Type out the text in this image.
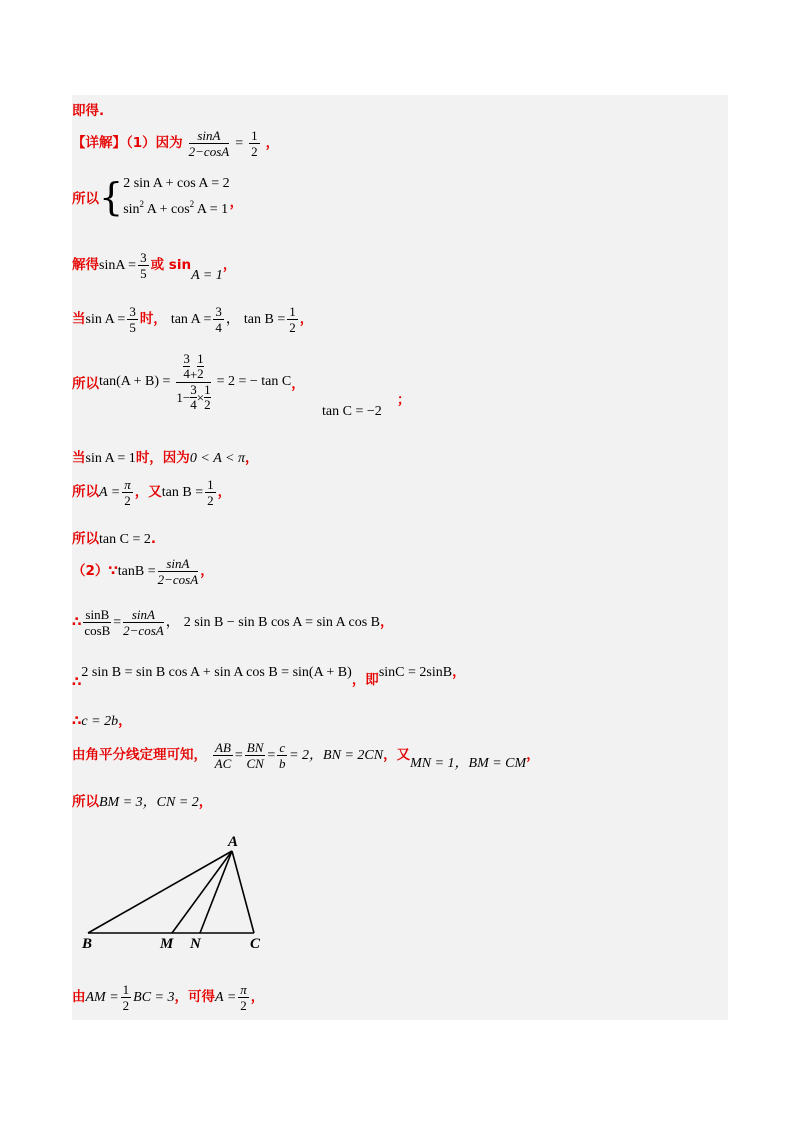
即得.
【详解】（1）因为 $\frac{\sin A}{2-\cos A} = \frac{1}{2}$ ，
所以{2 sin A + cos A = 2
$\sin^2 A + \cos^2 A = 1_,$
解得$\sin A = \frac{3}{5}$ 或 sinA = 1，
当$\sin A = \frac{3}{5}$ 时， $\tan A = \frac{3}{4}$ ， $\tan B = \frac{1}{2}$ ，
所以$\tan(A + B) = \frac{\frac{3}{4} + \frac{1}{2}}{1- \frac{3}{4} \times \frac{1}{2}} = 2$ = − tan C，
tan C = −2
；
当sin A = 1时，因为0 < A < π，
所以$A = \frac{\pi}{2}$ ，又$\tan B = \frac{1}{2}$ ，
所以tan C = 2.
（2）∵tanB = $\frac{\sin A}{2-\cos A}$ ，
∴ $\frac{\sin B}{\cos B} = \frac{\sin A}{2-\cos A}$ ， 2 sin B − sin B cos A = sin A cos B，
$_\therefore$2 sin B = sin B cos A + sin A $\cos B = \sin(A + B)_{,即}\sin C = 2\sin B$，
∴c = 2b，
由角平分线定理可知， $\frac{AB}{AC} = \frac{BN}{CN} = \frac{c}{b} = 2$，BN = 2CN，又MN = 1，BM = CM，
所以BM = 3，CN = 2，
A
B	M N	C
由AM = $\frac{1}{2}$ BC = 3，可得$A = \frac{\pi}{2}$ ，
